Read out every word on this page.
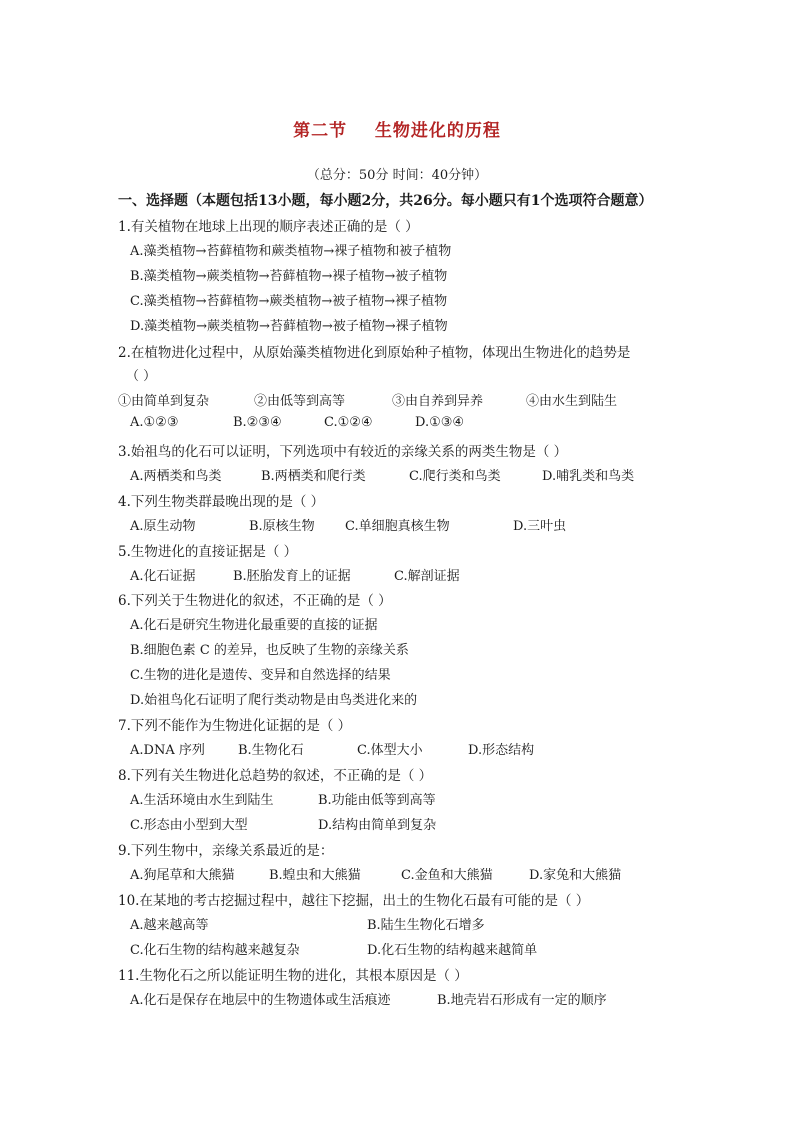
第二节    生物进化的历程
（总分：50分 时间：40分钟）
一、选择题（本题包括13小题，每小题2分，共26分。每小题只有1个选项符合题意）
1.有关植物在地球上出现的顺序表述正确的是（ ）
A.藻类植物→苔藓植物和蕨类植物→裸子植物和被子植物
B.藻类植物→蕨类植物→苔藓植物→裸子植物→被子植物
C.藻类植物→苔藓植物→蕨类植物→被子植物→裸子植物
D.藻类植物→蕨类植物→苔藓植物→被子植物→裸子植物
2.在植物进化过程中，从原始藻类植物进化到原始种子植物，体现出生物进化的趋势是
（ ）
①由简单到复杂	②由低等到高等	③由自养到异养	④由水生到陆生
A.①②③	B.②③④	C.①②④	D.①③④
3.始祖鸟的化石可以证明，下列选项中有较近的亲缘关系的两类生物是（ ）
A.两栖类和鸟类	B.两栖类和爬行类	C.爬行类和鸟类	D.哺乳类和鸟类
4.下列生物类群最晚出现的是（ ）
A.原生动物	B.原核生物 C.单细胞真核生物	D.三叶虫
5.生物进化的直接证据是（ ）
A.化石证据	B.胚胎发育上的证据	C.解剖证据
6.下列关于生物进化的叙述，不正确的是（ ）
A.化石是研究生物进化最重要的直接的证据
B.细胞色素 C 的差异，也反映了生物的亲缘关系
C.生物的进化是遗传、变异和自然选择的结果
D.始祖鸟化石证明了爬行类动物是由鸟类进化来的
7.下列不能作为生物进化证据的是（ ）
A.DNA 序列	B.生物化石	C.体型大小	D.形态结构
8.下列有关生物进化总趋势的叙述，不正确的是（ ）
A.生活环境由水生到陆生	B.功能由低等到高等
C.形态由小型到大型	D.结构由简单到复杂
9.下列生物中，亲缘关系最近的是：
A.狗尾草和大熊猫	B.蝗虫和大熊猫	C.金鱼和大熊猫	D.家兔和大熊猫
10.在某地的考古挖掘过程中，越往下挖掘，出土的生物化石最有可能的是（ ）
A.越来越高等	B.陆生生物化石增多
C.化石生物的结构越来越复杂	D.化石生物的结构越来越简单
11.生物化石之所以能证明生物的进化，其根本原因是（ ）
A.化石是保存在地层中的生物遗体或生活痕迹	B.地壳岩石形成有一定的顺序
